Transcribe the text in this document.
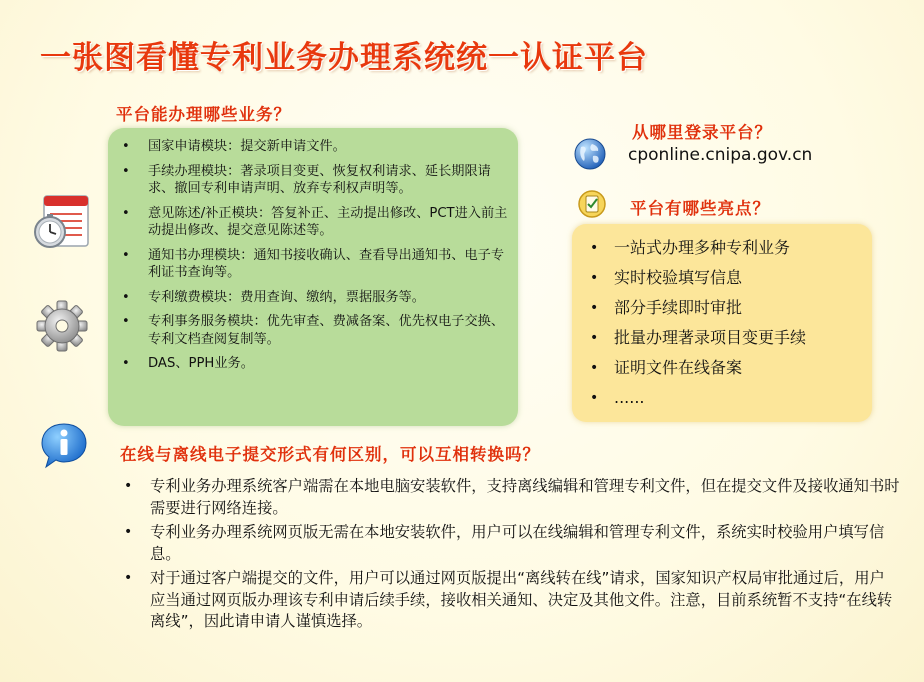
一张图看懂专利业务办理系统统一认证平台
平台能办理哪些业务？
• 国家申请模块：提交新申请文件。
• 手续办理模块：著录项目变更、恢复权利请求、延长期限请求、撤回专利申请声明、放弃专利权声明等。
• 意见陈述/补正模块：答复补正、主动提出修改、PCT进入前主动提出修改、提交意见陈述等。
• 通知书办理模块：通知书接收确认、查看导出通知书、电子专利证书查询等。
• 专利缴费模块：费用查询、缴纳，票据服务等。
• 专利事务服务模块：优先审查、费减备案、优先权电子交换、专利文档查阅复制等。
• DAS、PPH业务。
从哪里登录平台？
cponline.cnipa.gov.cn
平台有哪些亮点？
• 一站式办理多种专利业务
• 实时校验填写信息
• 部分手续即时审批
• 批量办理著录项目变更手续
• 证明文件在线备案
• ......
在线与离线电子提交形式有何区别，可以互相转换吗？
• 专利业务办理系统客户端需在本地电脑安装软件，支持离线编辑和管理专利文件，但在提交文件及接收通知书时需要进行网络连接。
• 专利业务办理系统网页版无需在本地安装软件，用户可以在线编辑和管理专利文件，系统实时校验用户填写信息。
• 对于通过客户端提交的文件，用户可以通过网页版提出“离线转在线”请求，国家知识产权局审批通过后，用户应当通过网页版办理该专利申请后续手续，接收相关通知、决定及其他文件。注意，目前系统暂不支持“在线转离线”，因此请申请人谨慎选择。
